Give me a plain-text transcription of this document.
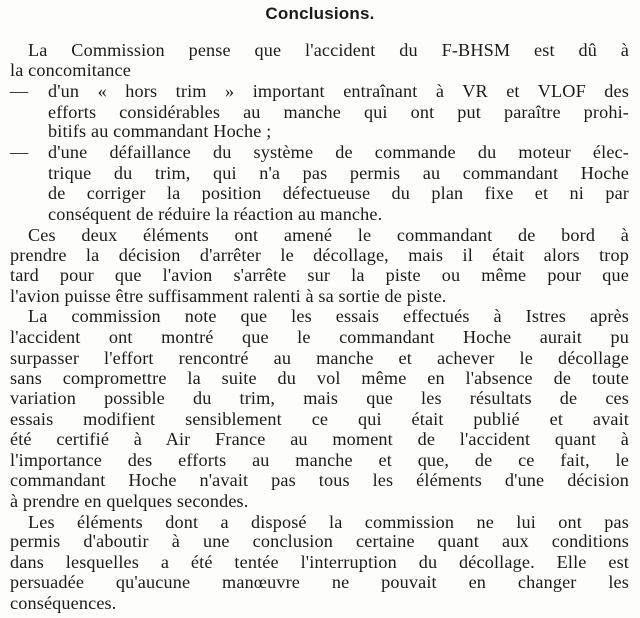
Conclusions.
La Commission pense que l'accident du F-BHSM est dû à
la concomitance
— d'un « hors trim » important entraînant à VR et VLOF des
efforts considérables au manche qui ont put paraître prohi-
bitifs au commandant Hoche ;
— d'une défaillance du système de commande du moteur élec-
trique du trim, qui n'a pas permis au commandant Hoche
de corriger la position défectueuse du plan fixe et ni par
conséquent de réduire la réaction au manche.
Ces deux éléments ont amené le commandant de bord à
prendre la décision d'arrêter le décollage, mais il était alors trop
tard pour que l'avion s'arrête sur la piste ou même pour que
l'avion puisse être suffisamment ralenti à sa sortie de piste.
La commission note que les essais effectués à Istres après
l'accident ont montré que le commandant Hoche aurait pu
surpasser l'effort rencontré au manche et achever le décollage
sans compromettre la suite du vol même en l'absence de toute
variation possible du trim, mais que les résultats de ces
essais modifient sensiblement ce qui était publié et avait
été certifié à Air France au moment de l'accident quant à
l'importance des efforts au manche et que, de ce fait, le
commandant Hoche n'avait pas tous les éléments d'une décision
à prendre en quelques secondes.
Les éléments dont a disposé la commission ne lui ont pas
permis d'aboutir à une conclusion certaine quant aux conditions
dans lesquelles a été tentée l'interruption du décollage. Elle est
persuadée qu'aucune manœuvre ne pouvait en changer les
conséquences.
